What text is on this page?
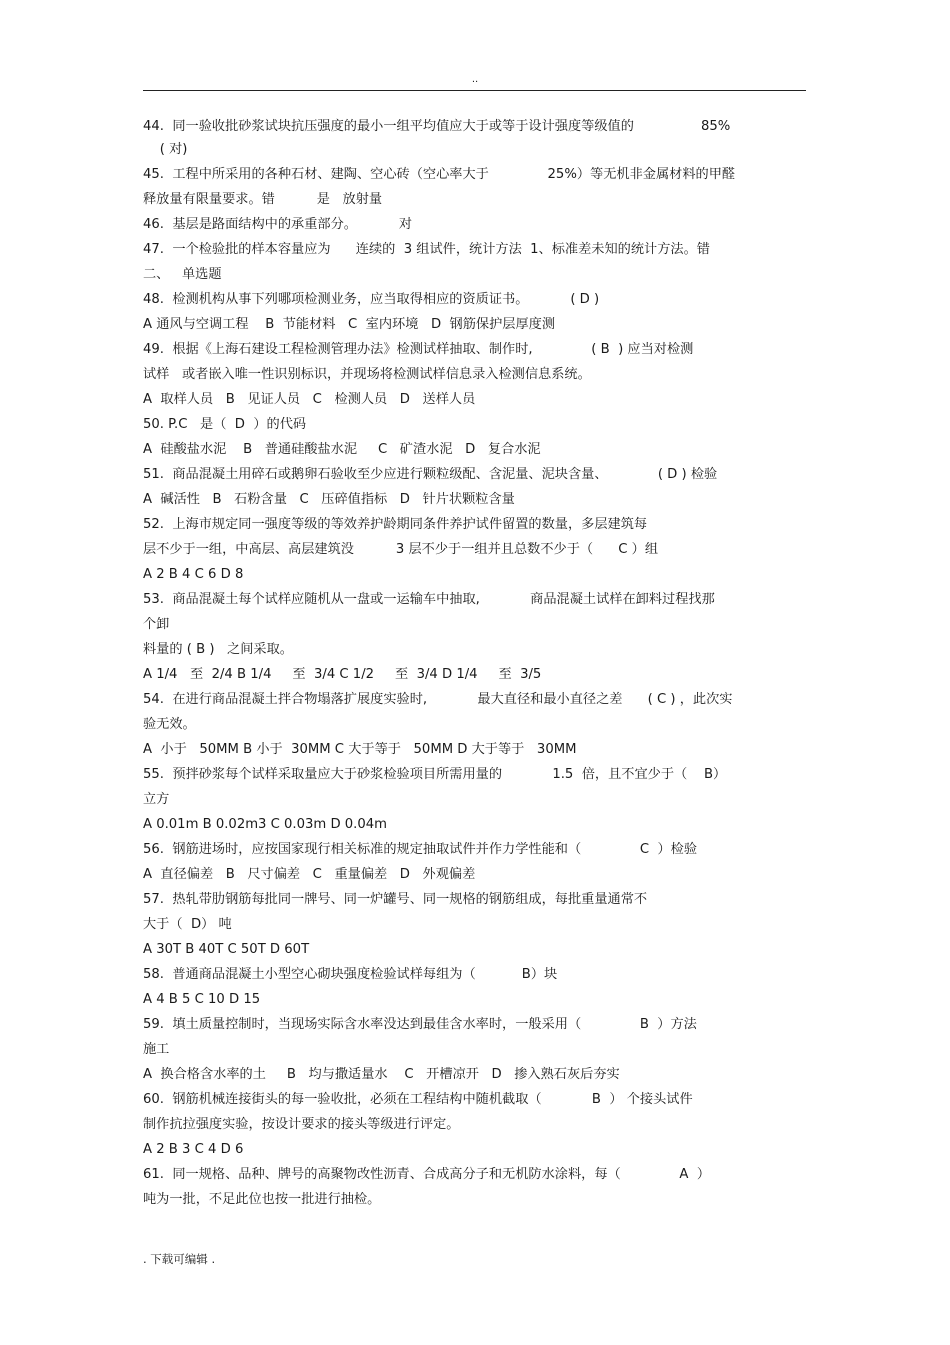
..
44.  同一验收批砂浆试块抗压强度的最小一组平均值应大于或等于设计强度等级值的                85%
( 对)
45.  工程中所采用的各种石材、建陶、空心砖（空心率大于              25%）等无机非金属材料的甲醛
释放量有限量要求。错          是   放射量
46.  基层是路面结构中的承重部分。          对
47.  一个检验批的样本容量应为      连续的  3 组试件，统计方法  1、标准差未知的统计方法。错
二、   单选题
48.  检测机构从事下列哪项检测业务，应当取得相应的资质证书。          ( D )
A 通风与空调工程    B  节能材料   C  室内环境   D  钢筋保护层厚度测
49.  根据《上海石建设工程检测管理办法》检测试样抽取、制作时,              ( B  ) 应当对检测
试样   或者嵌入唯一性识别标识，并现场将检测试样信息录入检测信息系统。
A  取样人员   B   见证人员   C   检测人员   D   送样人员
50. P.C   是（  D  ）的代码
A  硅酸盐水泥    B   普通硅酸盐水泥     C   矿渣水泥   D   复合水泥
51.  商品混凝土用碎石或鹅卵石验收至少应进行颗粒级配、含泥量、泥块含量、            ( D ) 检验
A  碱活性   B   石粉含量   C   压碎值指标   D   针片状颗粒含量
52.  上海市规定同一强度等级的等效养护龄期同条件养护试件留置的数量，多层建筑每
层不少于一组，中高层、高层建筑没          3 层不少于一组并且总数不少于（      C ）组
A 2 B 4 C 6 D 8
53.  商品混凝土每个试样应随机从一盘或一运输车中抽取,            商品混凝土试样在卸料过程找那
个卸
料量的 ( B )   之间采取。
A 1/4   至  2/4 B 1/4     至  3/4 C 1/2     至  3/4 D 1/4     至  3/5
54.  在进行商品混凝土拌合物塌落扩展度实验时,            最大直径和最小直径之差      ( C ) ，此次实
验无效。
A  小于   50MM B 小于  30MM C 大于等于   50MM D 大于等于   30MM
55.  预拌砂浆每个试样采取量应大于砂浆检验项目所需用量的            1.5  倍，且不宜少于（    B）
立方
A 0.01m B 0.02m3 C 0.03m D 0.04m
56.  钢筋进场时，应按国家现行相关标准的规定抽取试件并作力学性能和（              C  ）检验
A  直径偏差   B   尺寸偏差   C   重量偏差   D   外观偏差
57.  热轧带肋钢筋每批同一牌号、同一炉罐号、同一规格的钢筋组成，每批重量通常不
大于（  D） 吨
A 30T B 40T C 50T D 60T
58.  普通商品混凝土小型空心砌块强度检验试样每组为（           B）块
A 4 B 5 C 10 D 15
59.  填土质量控制时，当现场实际含水率没达到最佳含水率时，一般采用（              B  ）方法
施工
A  换合格含水率的土     B   均与撒适量水    C   开槽凉开   D   掺入熟石灰后夯实
60.  钢筋机械连接街头的每一验收批，必须在工程结构中随机截取（            B  ） 个接头试件
制作抗拉强度实验，按设计要求的接头等级进行评定。
A 2 B 3 C 4 D 6
61.  同一规格、品种、牌号的高聚物改性沥青、合成高分子和无机防水涂料，每（              A  ）
吨为一批，不足此位也按一批进行抽检。
. 下载可编辑 .
